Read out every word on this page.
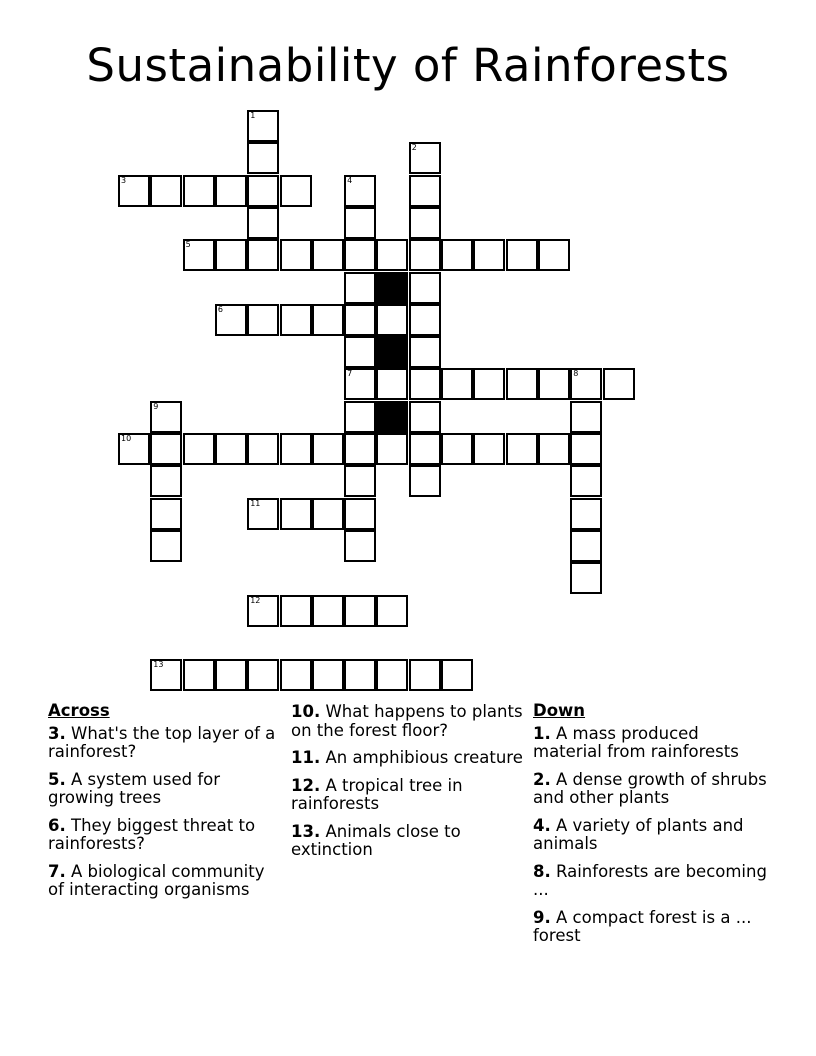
Sustainability of Rainforests
2
1
3
5
6
7	8
9
10
11
12
13
4
Across
3. What's the top layer of a rainforest?
5. A system used for growing trees
6. They biggest threat to rainforests?
7. A biological community of interacting organisms
10. What happens to plants on the forest floor?
11. An amphibious creature
12. A tropical tree in rainforests
13. Animals close to extinction
Down
1. A mass produced material from rainforests
2. A dense growth of shrubs and other plants
4. A variety of plants and animals
8. Rainforests are becoming ...
9. A compact forest is a ... forest
